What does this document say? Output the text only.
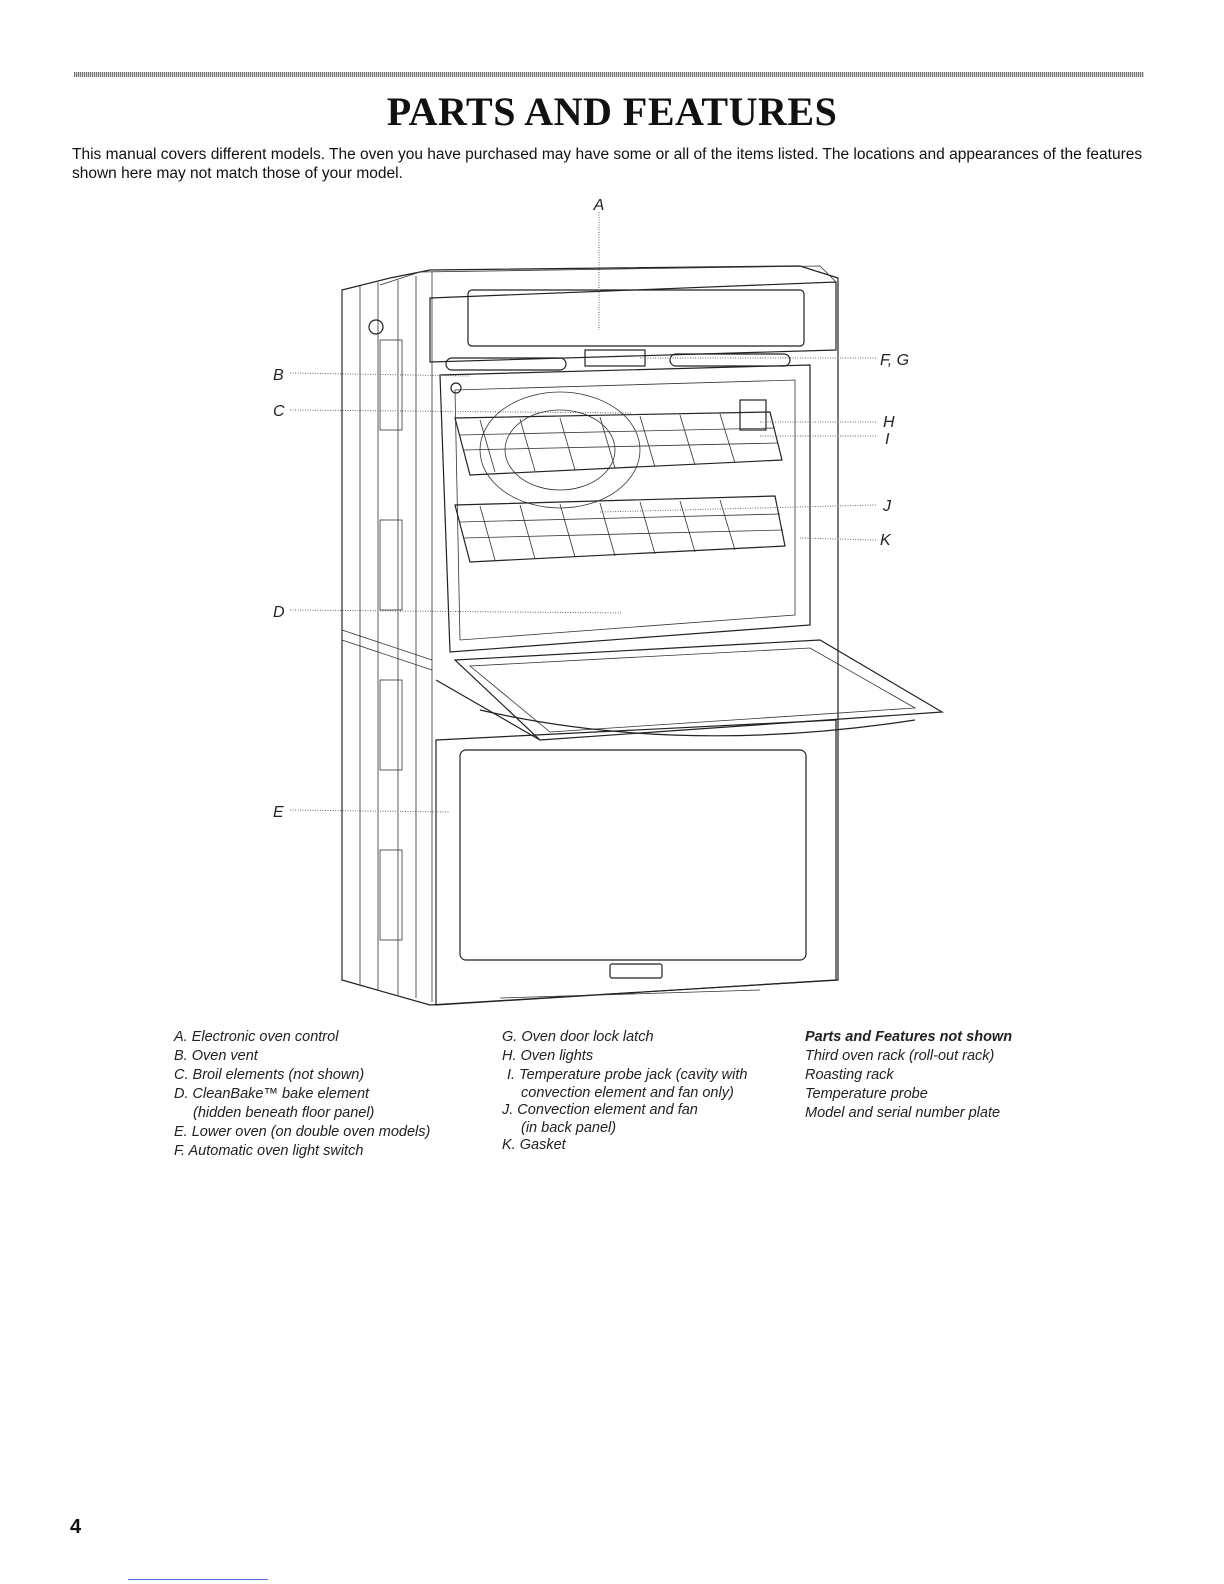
PARTS AND FEATURES

This manual covers different models. The oven you have purchased may have some or all of the items listed. The locations and appearances of the features shown here may not match those of your model.

A
B
C
D
E
F, G
H
I
J
K
A. Electronic oven control
B. Oven vent
C. Broil elements (not shown)
D. CleanBake™ bake element
(hidden beneath floor panel)
E. Lower oven (on double oven models)
F. Automatic oven light switch
G. Oven door lock latch
H. Oven lights
I. Temperature probe jack (cavity with
convection element and fan only)
J. Convection element and fan
(in back panel)
K. Gasket
Parts and Features not shown
Third oven rack (roll-out rack)
Roasting rack
Temperature probe
Model and serial number plate
4
